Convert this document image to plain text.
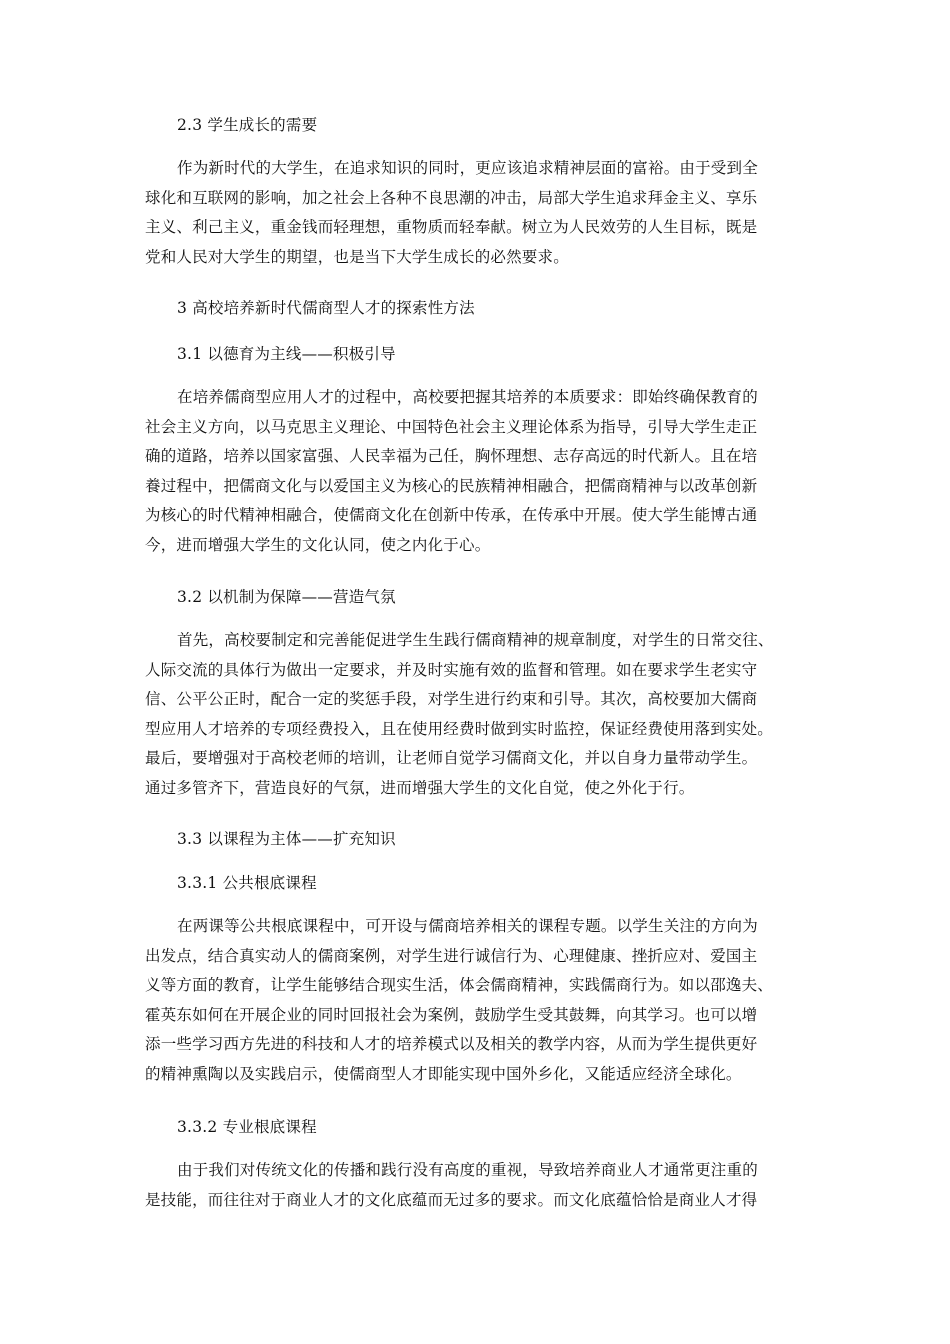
2.3 学生成长的需要
作为新时代的大学生，在追求知识的同时，更应该追求精神层面的富裕。由于受到全
球化和互联网的影响，加之社会上各种不良思潮的冲击，局部大学生追求拜金主义、享乐
主义、利己主义，重金钱而轻理想，重物质而轻奉献。树立为人民效劳的人生目标，既是
党和人民对大学生的期望，也是当下大学生成长的必然要求。
3 高校培养新时代儒商型人才的探索性方法
3.1 以德育为主线——积极引导
在培养儒商型应用人才的过程中，高校要把握其培养的本质要求：即始终确保教育的
社会主义方向，以马克思主义理论、中国特色社会主义理论体系为指导，引导大学生走正
确的道路，培养以国家富强、人民幸福为己任，胸怀理想、志存高远的时代新人。且在培
養过程中，把儒商文化与以爱国主义为核心的民族精神相融合，把儒商精神与以改革创新
为核心的时代精神相融合，使儒商文化在创新中传承，在传承中开展。使大学生能博古通
今，进而增强大学生的文化认同，使之内化于心。
3.2 以机制为保障——营造气氛
首先，高校要制定和完善能促进学生生践行儒商精神的规章制度，对学生的日常交往、
人际交流的具体行为做出一定要求，并及时实施有效的监督和管理。如在要求学生老实守
信、公平公正时，配合一定的奖惩手段，对学生进行约束和引导。其次，高校要加大儒商
型应用人才培养的专项经费投入，且在使用经费时做到实时监控，保证经费使用落到实处。
最后，要增强对于高校老师的培训，让老师自觉学习儒商文化，并以自身力量带动学生。
通过多管齐下，营造良好的气氛，进而增强大学生的文化自觉，使之外化于行。
3.3 以课程为主体——扩充知识
3.3.1 公共根底课程
在两课等公共根底课程中，可开设与儒商培养相关的课程专题。以学生关注的方向为
出发点，结合真实动人的儒商案例，对学生进行诚信行为、心理健康、挫折应对、爱国主
义等方面的教育，让学生能够结合现实生活，体会儒商精神，实践儒商行为。如以邵逸夫、
霍英东如何在开展企业的同时回报社会为案例，鼓励学生受其鼓舞，向其学习。也可以增
添一些学习西方先进的科技和人才的培养模式以及相关的教学内容，从而为学生提供更好
的精神熏陶以及实践启示，使儒商型人才即能实现中国外乡化，又能适应经济全球化。
3.3.2 专业根底课程
由于我们对传统文化的传播和践行没有高度的重视，导致培养商业人才通常更注重的
是技能，而往往对于商业人才的文化底蕴而无过多的要求。而文化底蕴恰恰是商业人才得
